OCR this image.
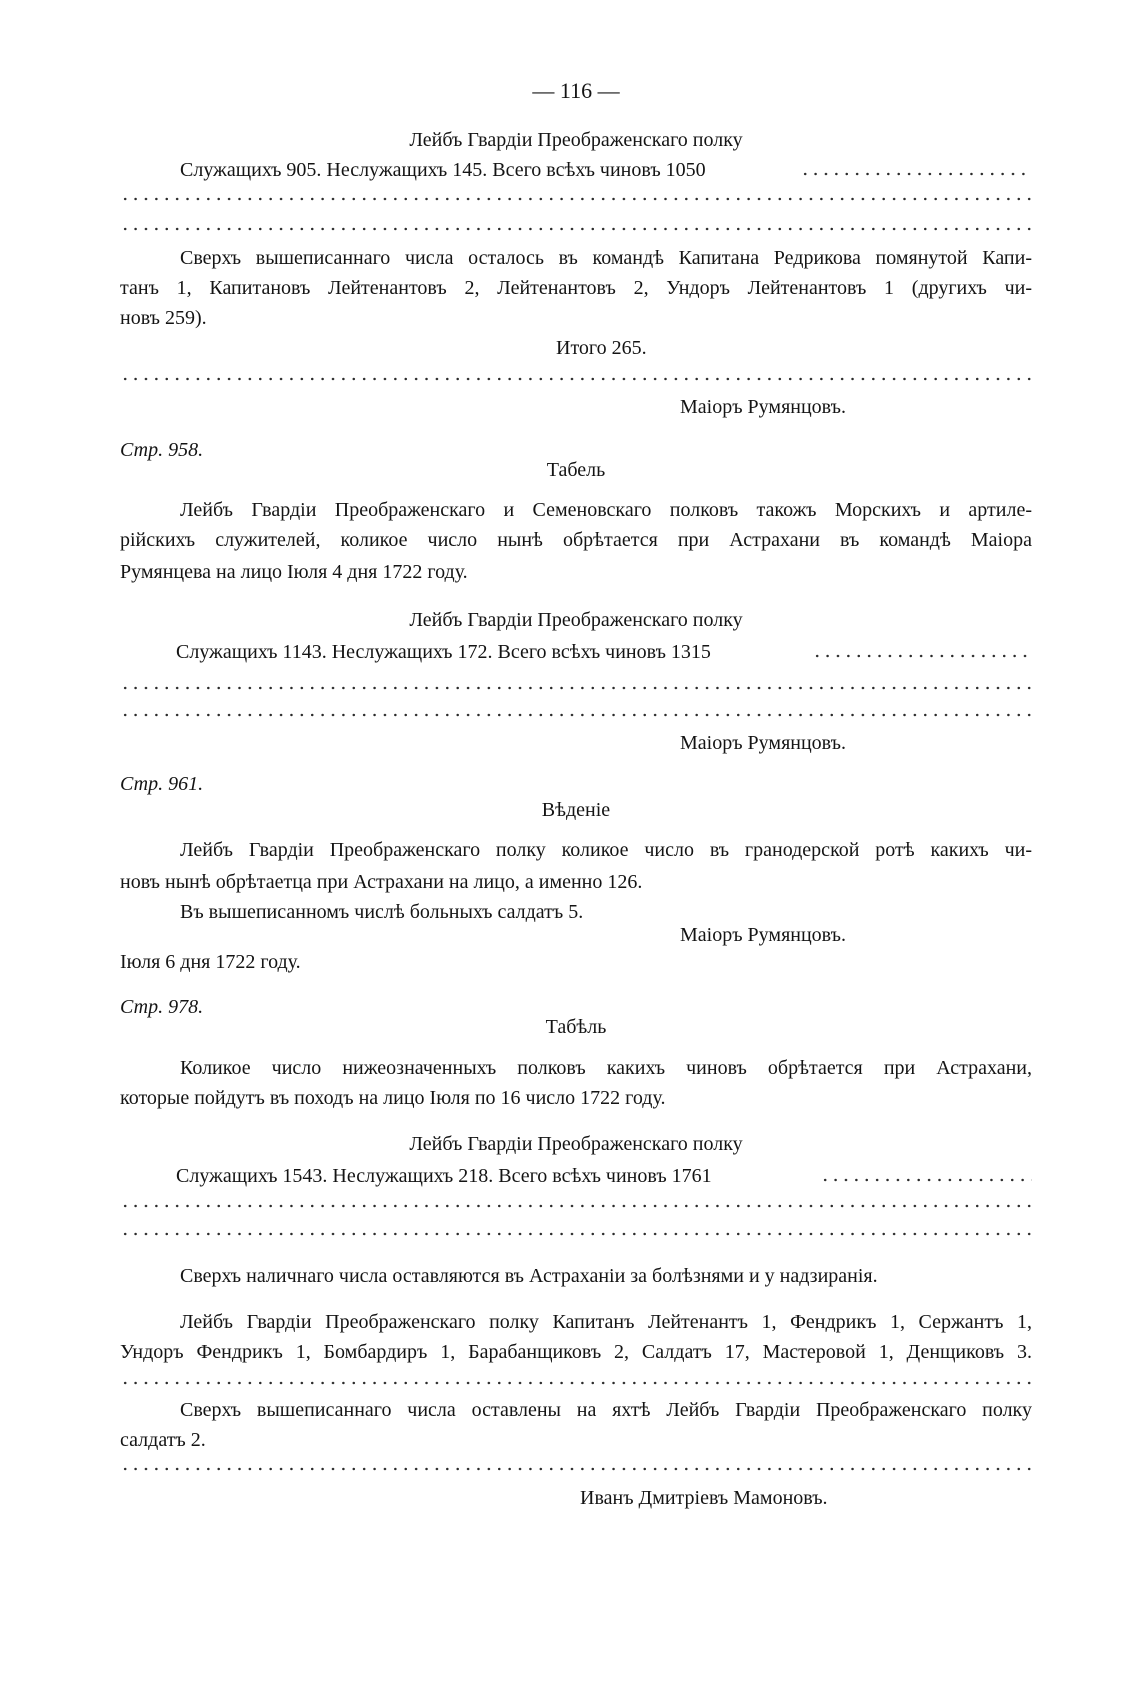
— 116 —
Лейбъ Гвардіи Преображенскаго полку
Служащихъ 905. Неслужащихъ 145. Всего всѣхъ чиновъ 1050
Сверхъ вышеписаннаго числа осталось въ командѣ Капитана Редрикова помянутой Капи-
танъ 1, Капитановъ Лейтенантовъ 2, Лейтенантовъ 2, Ундоръ Лейтенантовъ 1 (другихъ чи-
новъ 259).
Итого 265.
Маіоръ Румянцовъ.
Стр. 958.
Табель
Лейбъ Гвардіи Преображенскаго и Семеновскаго полковъ такожъ Морскихъ и артиле-
рійскихъ служителей, коликое число нынѣ обрѣтается при Астрахани въ командѣ Маіора
Румянцева на лицо Іюля 4 дня 1722 году.
Лейбъ Гвардіи Преображенскаго полку
Служащихъ 1143. Неслужащихъ 172. Всего всѣхъ чиновъ 1315
Маіоръ Румянцовъ.
Стр. 961.
Вѣденіе
Лейбъ Гвардіи Преображенскаго полку коликое число въ гранодерской ротѣ какихъ чи-
новъ нынѣ обрѣтаетца при Астрахани на лицо, а именно 126.
Въ вышеписанномъ числѣ больныхъ салдатъ 5.
Маіоръ Румянцовъ.
Іюля 6 дня 1722 году.
Стр. 978.
Табѣль
Коликое число нижеозначенныхъ полковъ какихъ чиновъ обрѣтается при Астрахани,
которые пойдутъ въ походъ на лицо Іюля по 16 число 1722 году.
Лейбъ Гвардіи Преображенскаго полку
Служащихъ 1543. Неслужащихъ 218. Всего всѣхъ чиновъ 1761
Сверхъ наличнаго числа оставляются въ Астраханіи за болѣзнями и у надзиранія.
Лейбъ Гвардіи Преображенскаго полку Капитанъ Лейтенантъ 1, Фендрикъ 1, Сержантъ 1,
Ундоръ Фендрикъ 1, Бомбардиръ 1, Барабанщиковъ 2, Салдатъ 17, Мастеровой 1, Денщиковъ 3.
Сверхъ вышеписаннаго числа оставлены на яхтѣ Лейбъ Гвардіи Преображенскаго полку
салдатъ 2.
Иванъ Дмитріевъ Мамоновъ.
